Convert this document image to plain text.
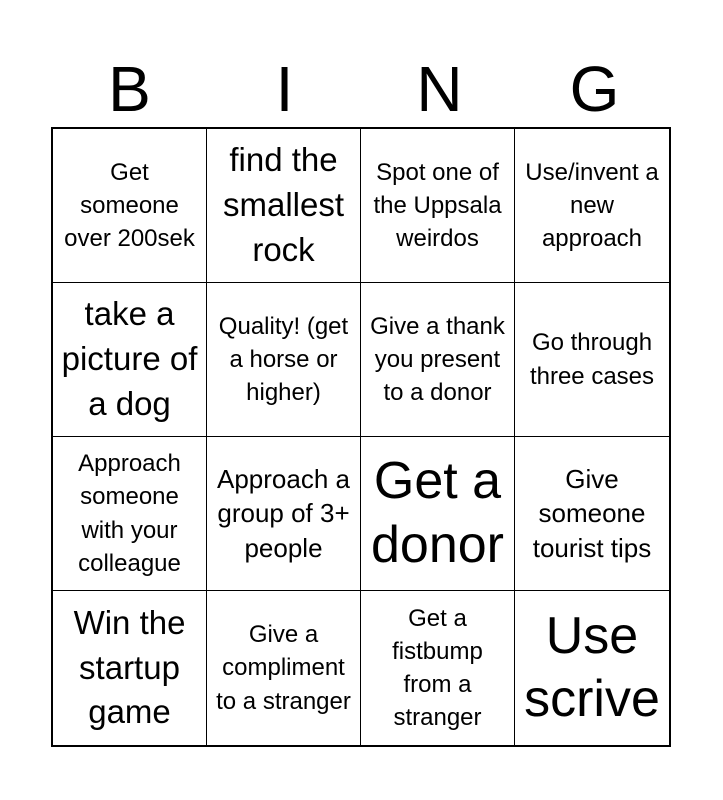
B	I	N	G
Get someone over 200sek
find the smallest rock
Spot one of the Uppsala weirdos
Use/invent a new approach
take a picture of a dog
Quality! (get a horse or higher)
Give a thank you present to a donor
Go through three cases
Approach someone with your colleague
Approach a group of 3+ people
Get a donor
Give someone tourist tips
Win the startup game
Give a compliment to a stranger
Get a fistbump from a stranger
Use scrive
